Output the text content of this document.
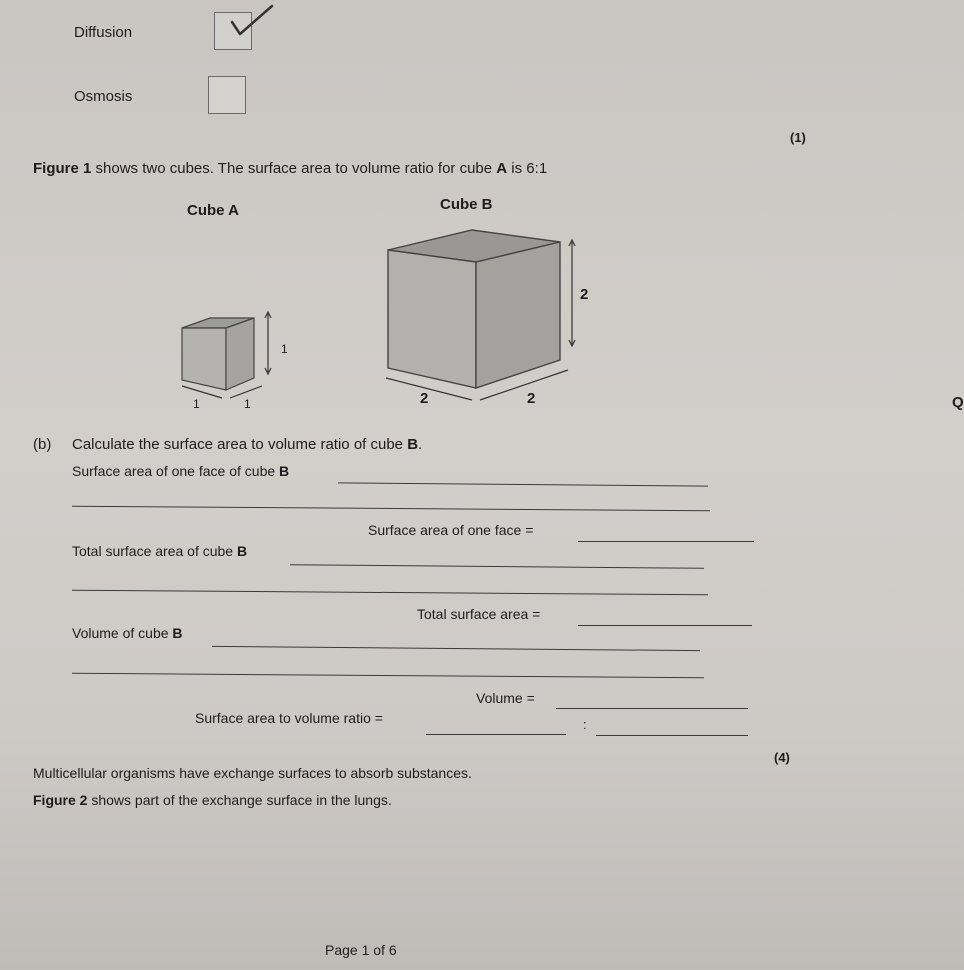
Diffusion
Osmosis
(1)
Figure 1 shows two cubes. The surface area to volume ratio for cube A is 6:1
Cube A	Cube B
1
1	1
2
2	2	Q
(b) Calculate the surface area to volume ratio of cube B.
Surface area of one face of cube B
Surface area of one face =
Total surface area of cube B
Total surface area =
Volume of cube B
Volume =
Surface area to volume ratio =	:
(4)
Multicellular organisms have exchange surfaces to absorb substances.
Figure 2 shows part of the exchange surface in the lungs.
Page 1 of 6
